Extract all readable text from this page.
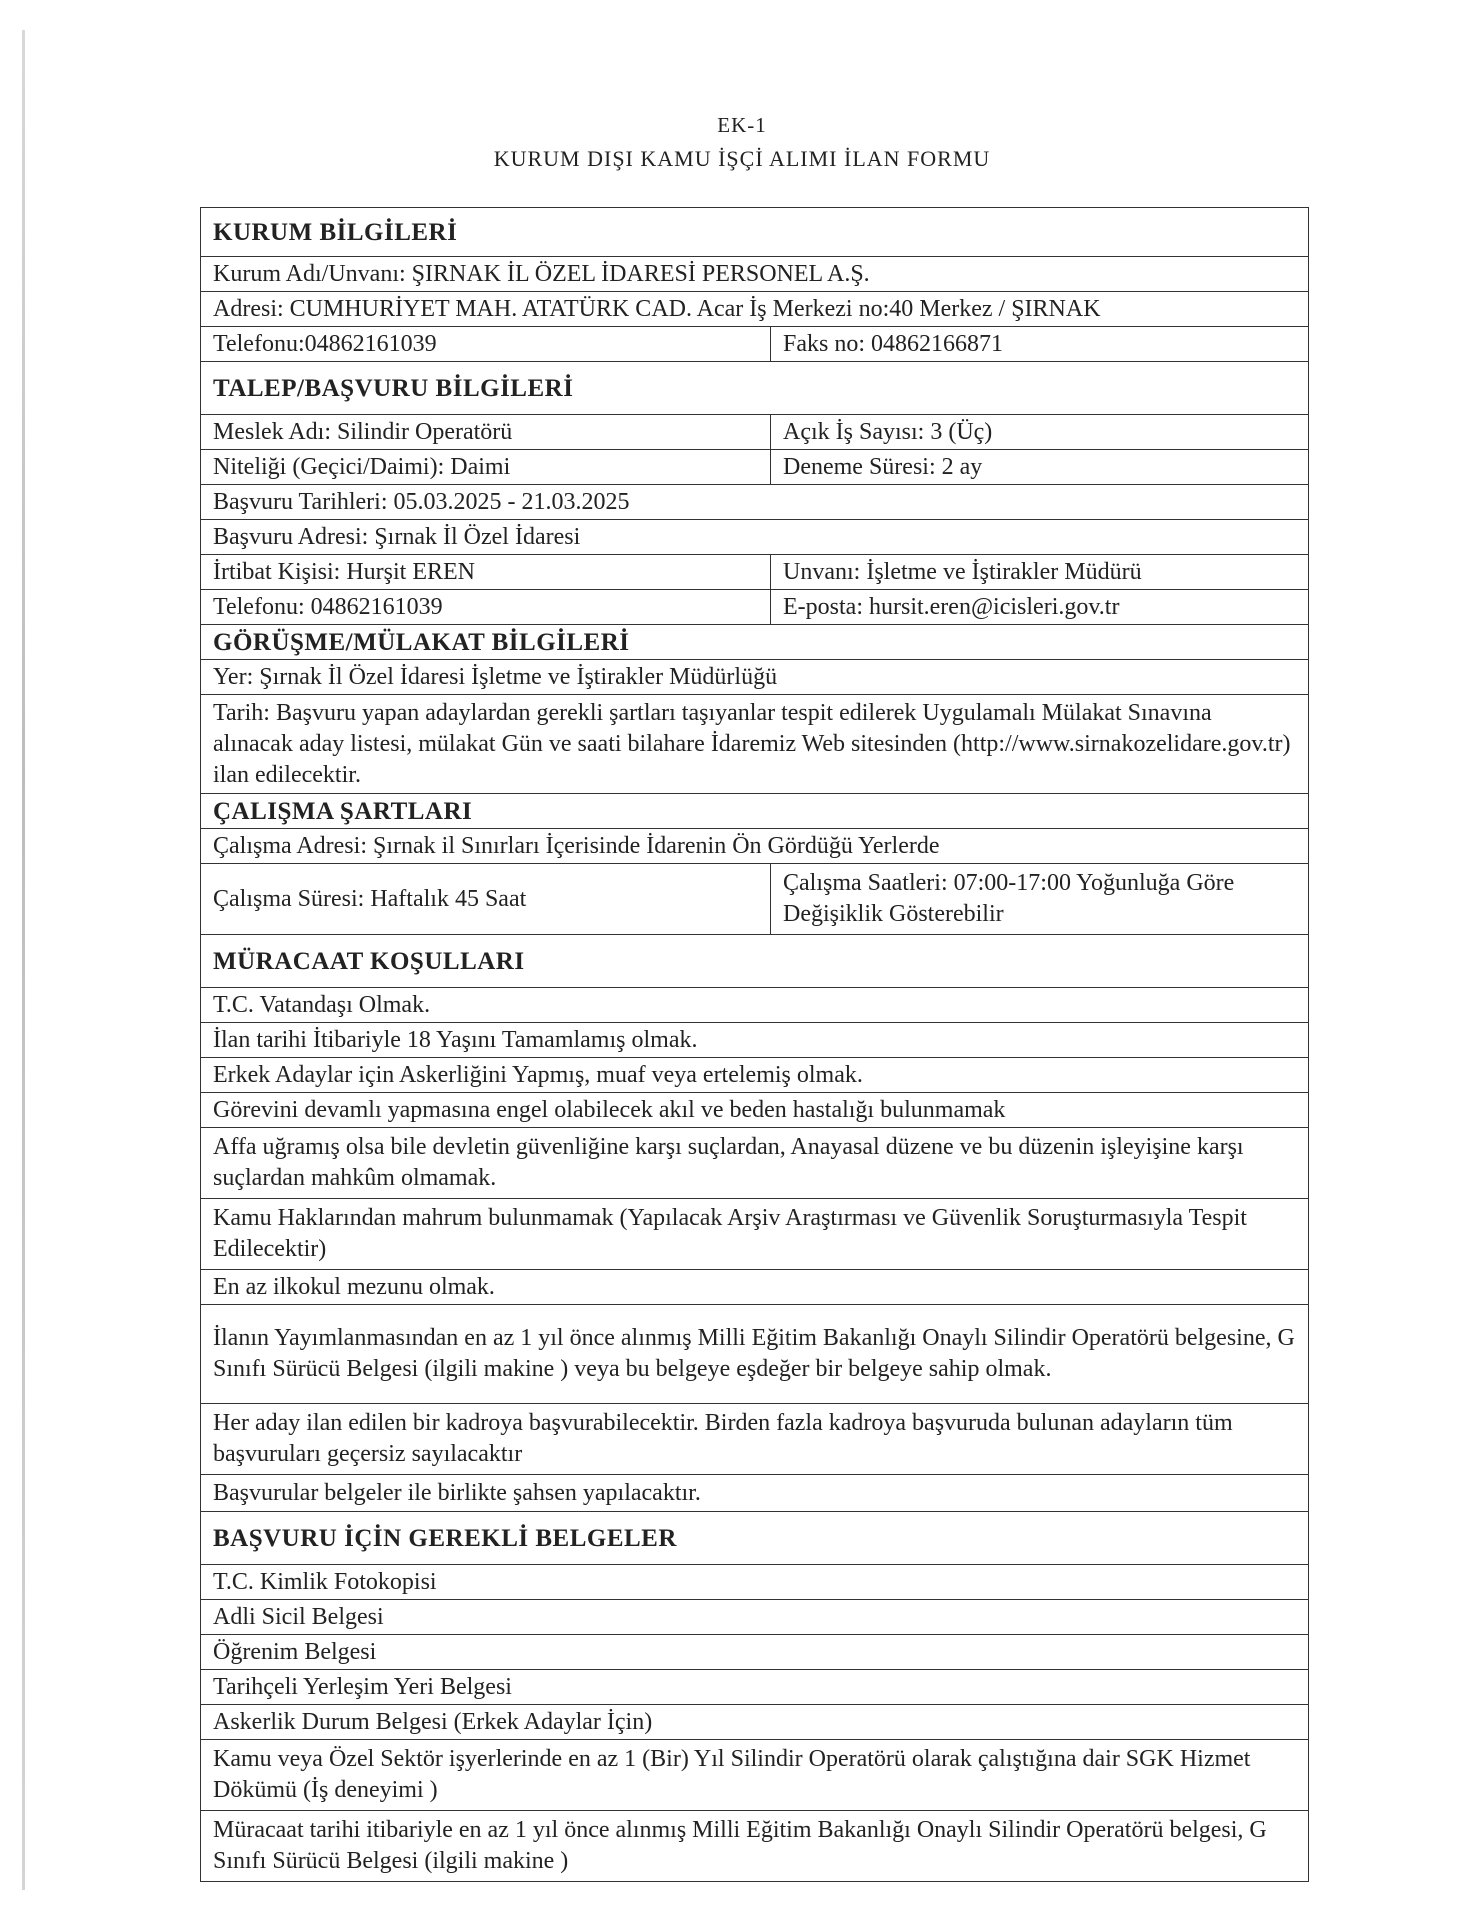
EK-1
KURUM DIŞI KAMU İŞÇİ ALIMI İLAN FORMU
KURUM BİLGİLERİ	
Kurum Adı/Unvanı: ŞIRNAK İL ÖZEL İDARESİ PERSONEL A.Ş.	
Adresi: CUMHURİYET MAH. ATATÜRK CAD. Acar İş Merkezi no:40 Merkez / ŞIRNAK	
Telefonu:04862161039	Faks no: 04862166871
TALEP/BAŞVURU BİLGİLERİ	
Meslek Adı: Silindir Operatörü	Açık İş Sayısı: 3 (Üç)
Niteliği (Geçici/Daimi): Daimi	Deneme Süresi: 2 ay
Başvuru Tarihleri: 05.03.2025 - 21.03.2025	
Başvuru Adresi: Şırnak İl Özel İdaresi	
İrtibat Kişisi: Hurşit EREN	Unvanı: İşletme ve İştirakler Müdürü
Telefonu: 04862161039	E-posta: hursit.eren@icisleri.gov.tr
GÖRÜŞME/MÜLAKAT BİLGİLERİ	
Yer: Şırnak İl Özel İdaresi İşletme ve İştirakler Müdürlüğü	
Tarih: Başvuru yapan adaylardan gerekli şartları taşıyanlar tespit edilerek Uygulamalı Mülakat Sınavına alınacak aday listesi, mülakat Gün ve saati bilahare İdaremiz Web sitesinden (http://www.sirnakozelidare.gov.tr) ilan edilecektir.	
ÇALIŞMA ŞARTLARI	
Çalışma Adresi: Şırnak il Sınırları İçerisinde İdarenin Ön Gördüğü Yerlerde	
Çalışma Süresi: Haftalık 45 Saat	Çalışma Saatleri: 07:00-17:00 Yoğunluğa Göre Değişiklik Gösterebilir
MÜRACAAT KOŞULLARI	
T.C. Vatandaşı Olmak.	
İlan tarihi İtibariyle 18 Yaşını Tamamlamış olmak.	
Erkek Adaylar için Askerliğini Yapmış, muaf veya ertelemiş olmak.	
Görevini devamlı yapmasına engel olabilecek akıl ve beden hastalığı bulunmamak	
Affa uğramış olsa bile devletin güvenliğine karşı suçlardan, Anayasal düzene ve bu düzenin işleyişine karşı suçlardan mahkûm olmamak.	
Kamu Haklarından mahrum bulunmamak (Yapılacak Arşiv Araştırması ve Güvenlik Soruşturmasıyla Tespit Edilecektir)	
En az ilkokul mezunu olmak.	
İlanın Yayımlanmasından en az 1 yıl önce alınmış Milli Eğitim Bakanlığı Onaylı Silindir Operatörü belgesine, G Sınıfı Sürücü Belgesi (ilgili makine ) veya bu belgeye eşdeğer bir belgeye sahip olmak.	
Her aday ilan edilen bir kadroya başvurabilecektir. Birden fazla kadroya başvuruda bulunan adayların tüm başvuruları geçersiz sayılacaktır	
Başvurular belgeler ile birlikte şahsen yapılacaktır.	
BAŞVURU İÇİN GEREKLİ BELGELER	
T.C. Kimlik Fotokopisi	
Adli Sicil Belgesi	
Öğrenim Belgesi	
Tarihçeli Yerleşim Yeri Belgesi	
Askerlik Durum Belgesi (Erkek Adaylar İçin)	
Kamu veya Özel Sektör işyerlerinde en az 1 (Bir) Yıl Silindir Operatörü olarak çalıştığına dair SGK Hizmet Dökümü (İş deneyimi )	
Müracaat tarihi itibariyle en az 1 yıl önce alınmış Milli Eğitim Bakanlığı Onaylı Silindir Operatörü belgesi, G Sınıfı Sürücü Belgesi (ilgili makine )	
